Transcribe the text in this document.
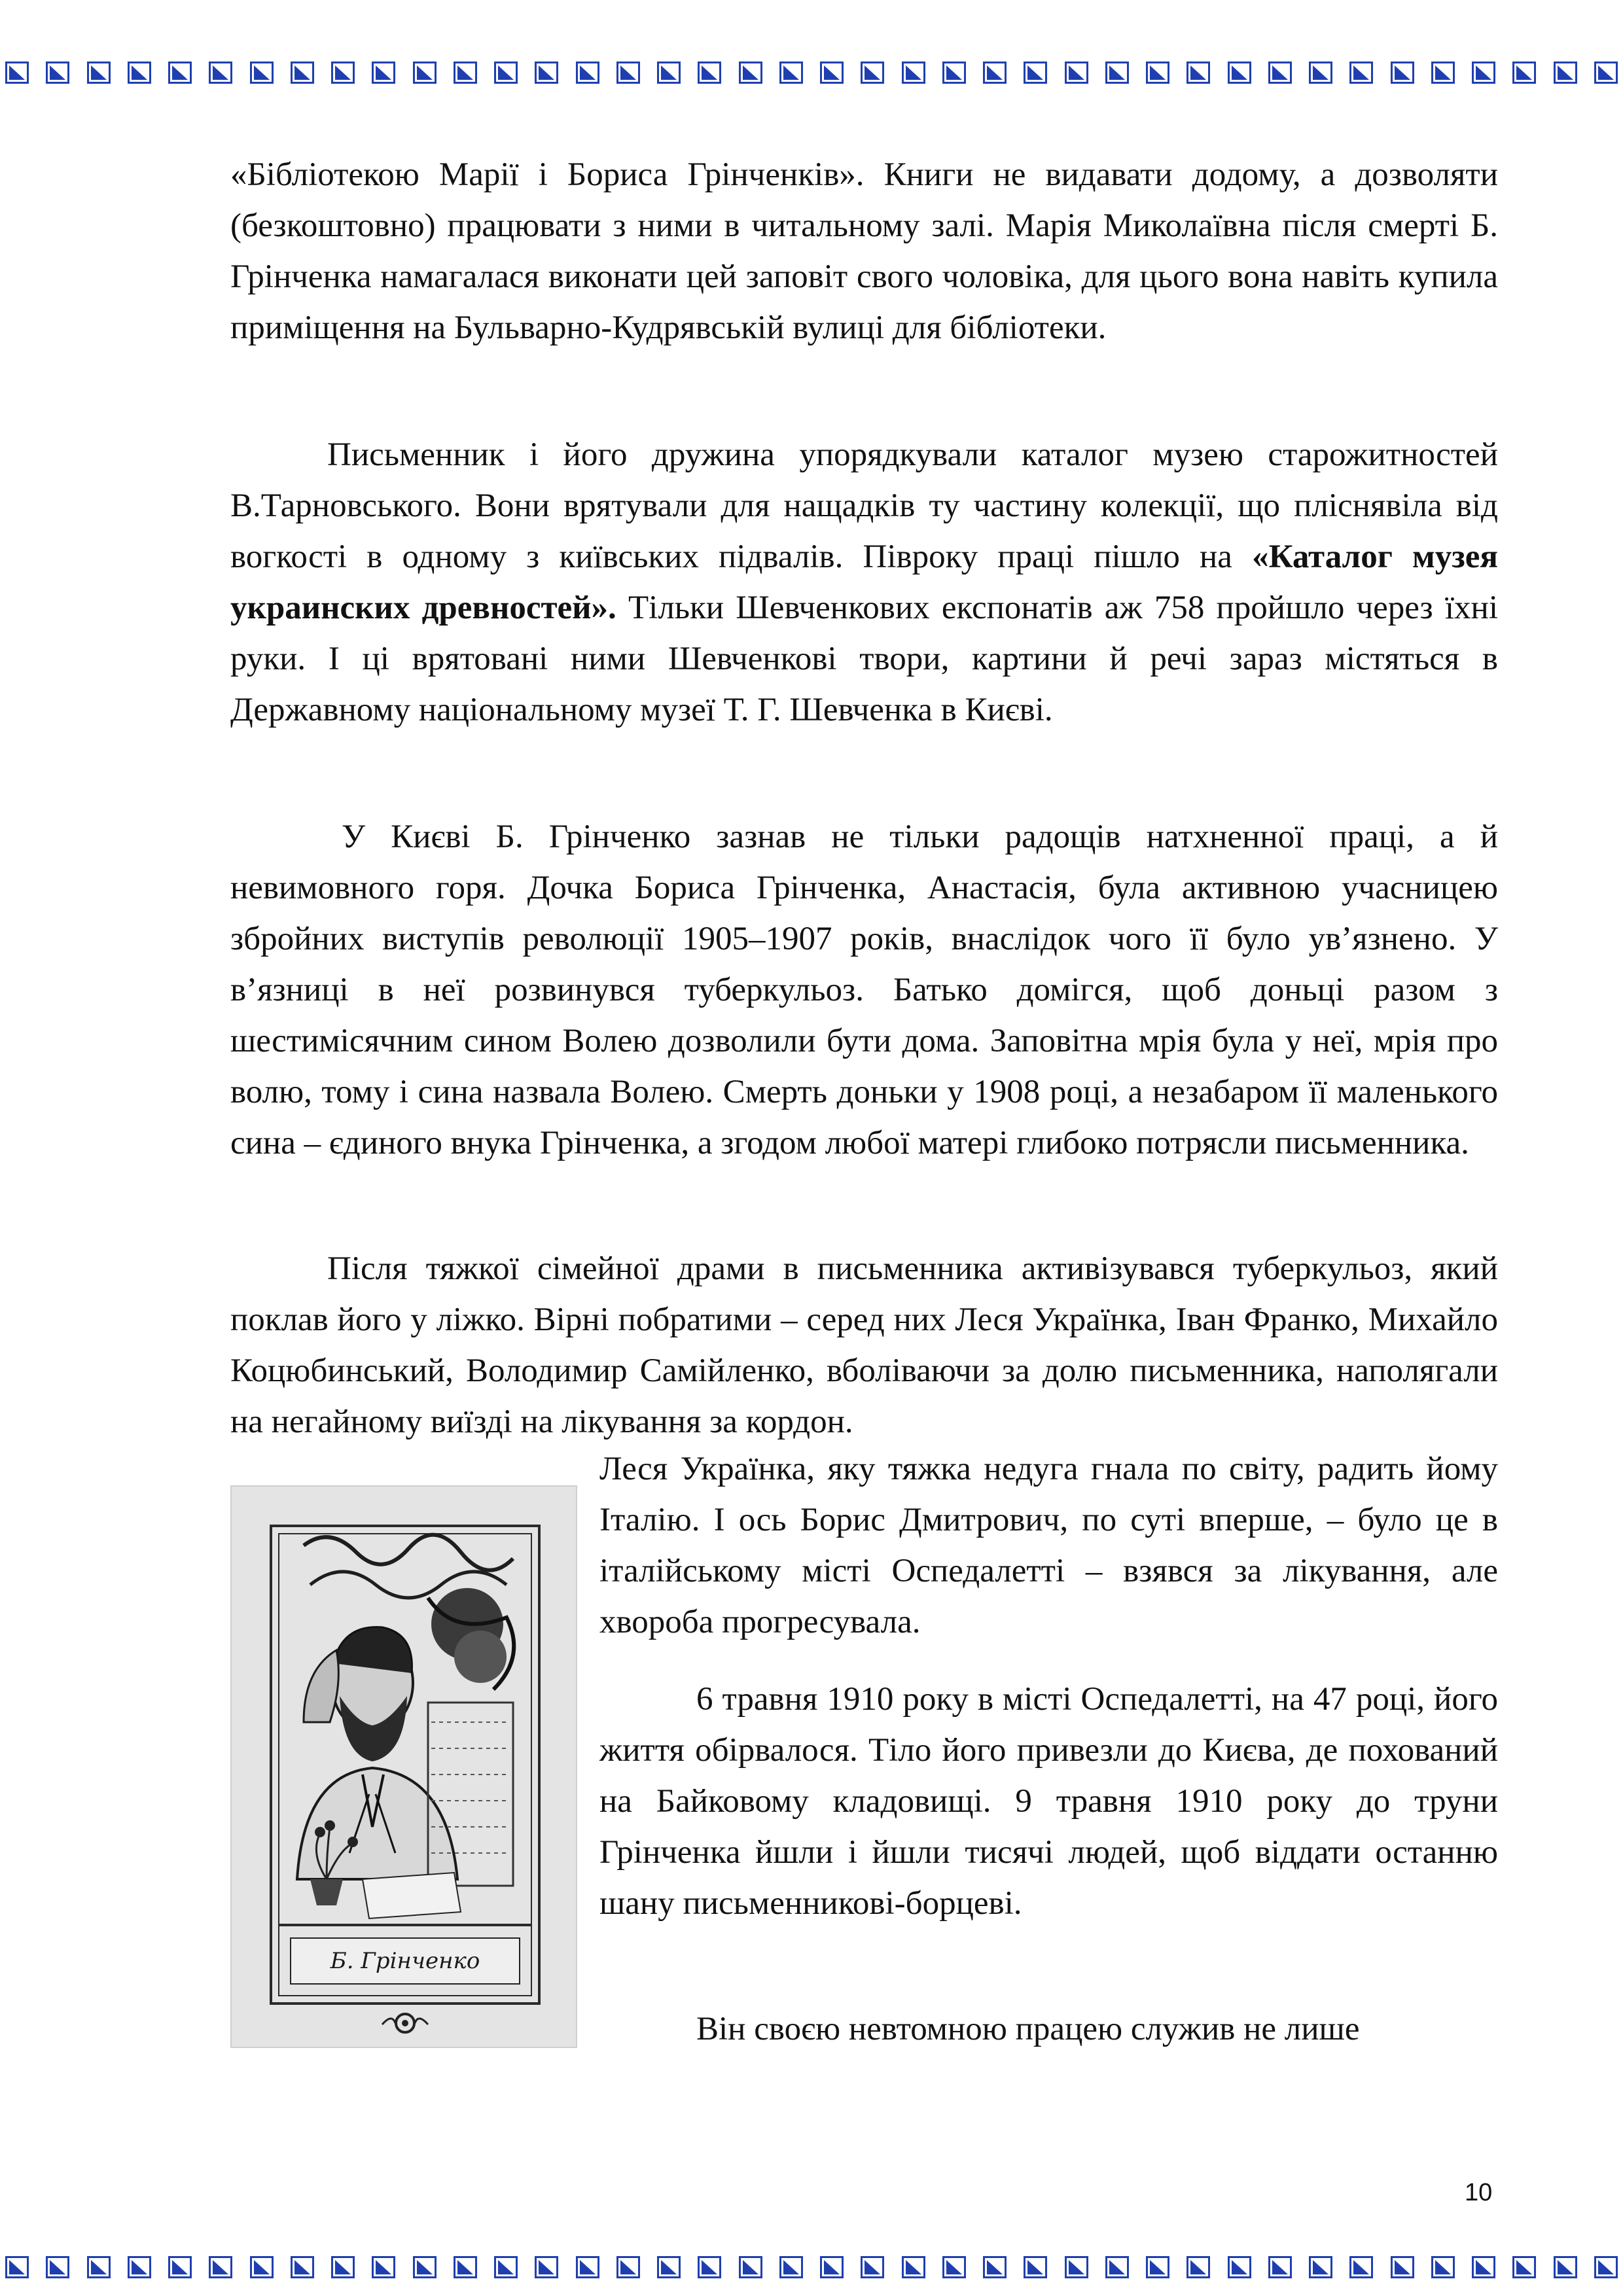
«Бібліотекою Марії і Бориса Грінченків». Книги не видавати додому, а дозволяти (безкоштовно) працювати з ними в читальному залі. Марія Миколаївна після смерті Б. Грінченка намагалася виконати цей заповіт свого чоловіка, для цього вона навіть купила приміщення на Бульварно-Кудрявській вулиці для бібліотеки.

Письменник і його дружина упорядкували каталог музею старожитностей В.Тарновського. Вони врятували для нащадків ту частину колекції, що пліснявіла від вогкості в одному з київських підвалів. Півроку праці пішло на «Каталог музея украинских древностей». Тільки Шевченкових експонатів аж 758 пройшло через їхні руки. І ці врятовані ними Шевченкові твори, картини й речі зараз містяться в Державному національному музеї Т. Г. Шевченка в Києві.

У Києві Б. Грінченко зазнав не тільки радощів натхненної праці, а й невимовного горя. Дочка Бориса Грінченка, Анастасія, була активною учасницею збройних виступів революції 1905–1907 років, внаслідок чого її було ув’язнено. У в’язниці в неї розвинувся туберкульоз. Батько домігся, щоб доньці разом з шестимісячним сином Волею дозволили бути дома. Заповітна мрія була у неї, мрія про волю, тому і сина назвала Волею. Смерть доньки у 1908 році, а незабаром її маленького сина – єдиного внука Грінченка, а згодом любої матері глибоко потрясли письменника.

Після тяжкої сімейної драми в письменника активізувався туберкульоз, який поклав його у ліжко. Вірні побратими – серед них Леся Українка, Іван Франко, Михайло Коцюбинський, Володимир Самійленко, вболіваючи за долю письменника, наполягали на негайному виїзді на лікування за кордон.

Б. Грінченко

Леся Українка, яку тяжка недуга гнала по світу, радить йому Італію. І ось Борис Дмитрович, по суті вперше, – було це в італійському місті Оспедалетті – взявся за лікування, але хвороба прогресувала.

6 травня 1910 року в місті Оспедалетті, на 47 році, його життя обірвалося. Тіло його привезли до Києва, де похований на Байковому кладовищі. 9 травня 1910 року до труни Грінченка йшли і йшли тисячі людей, щоб віддати останню шану письменникові-борцеві.

Він своєю невтомною працею служив не лише

10
